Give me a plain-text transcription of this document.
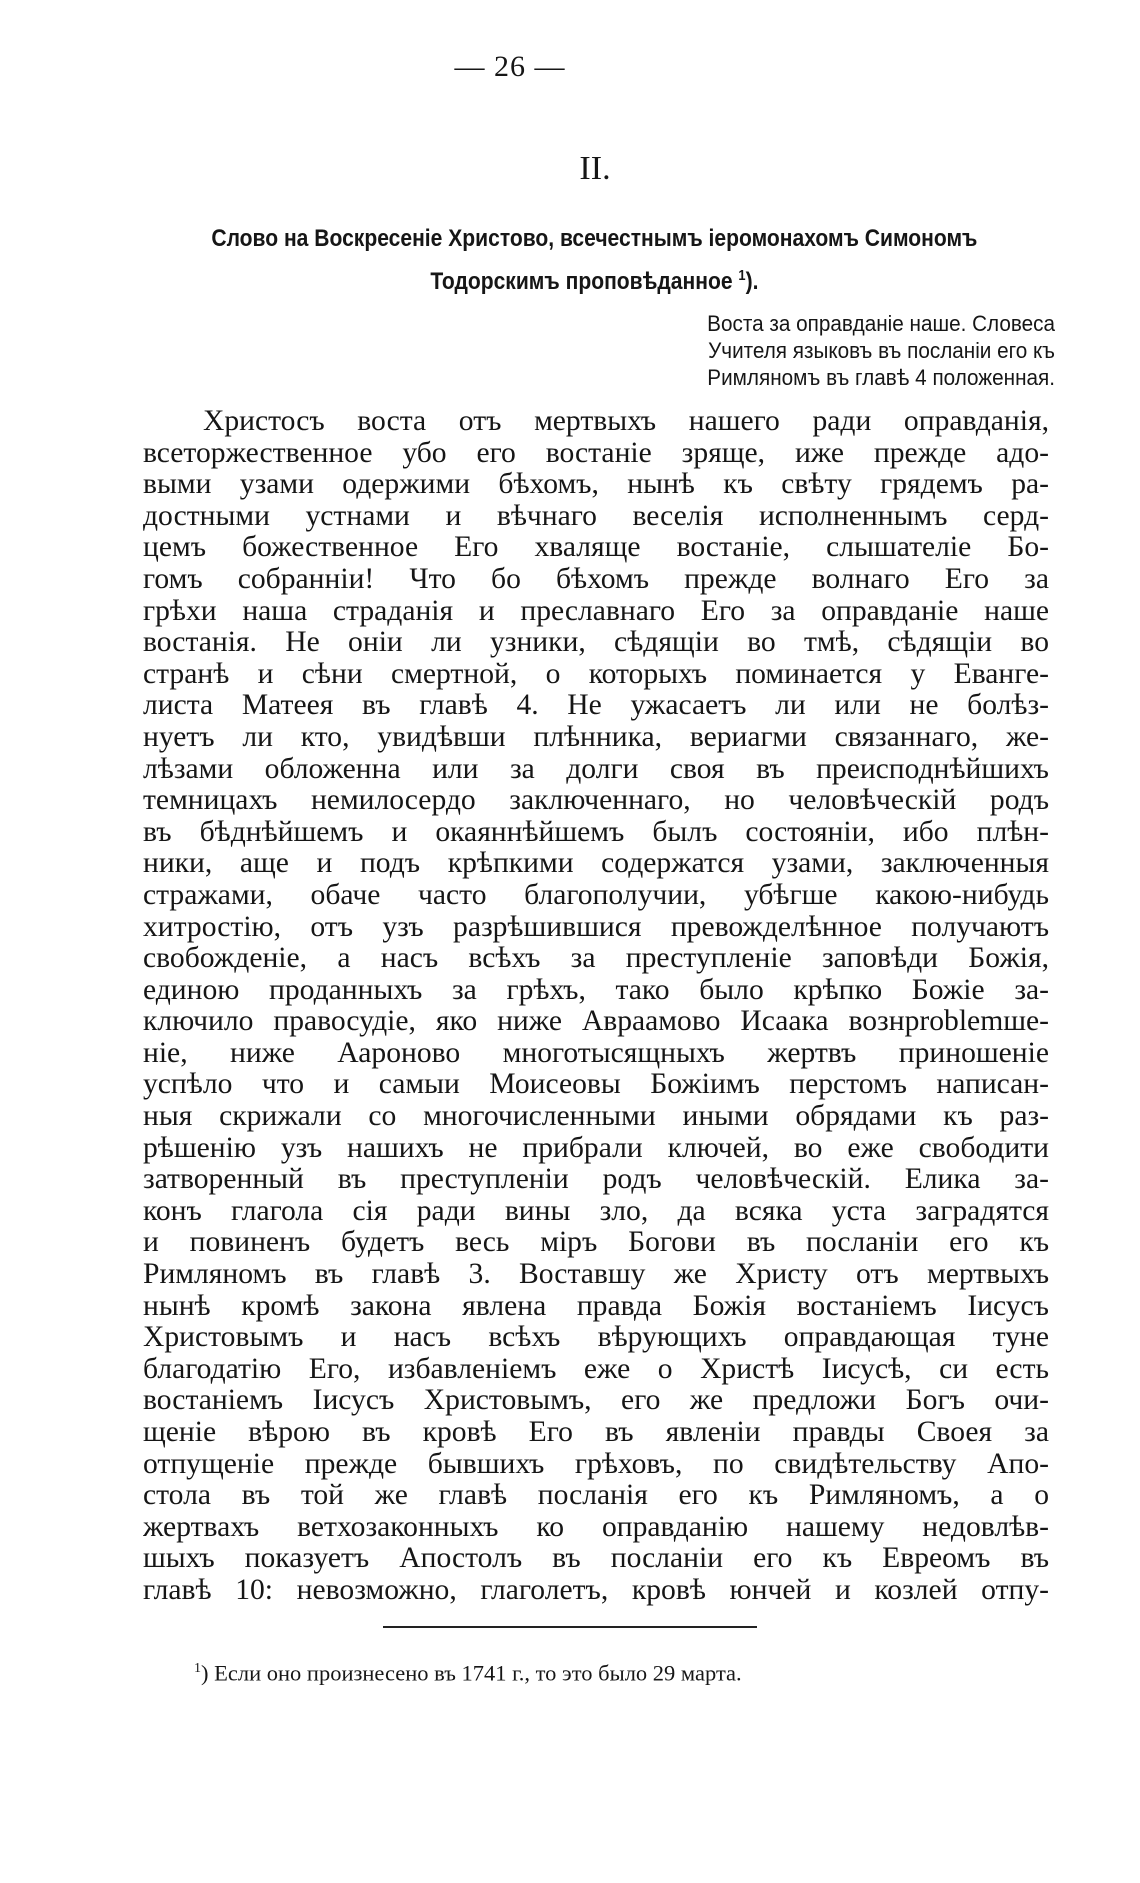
— 26 —
II.
Слово на Воскресеніе Христово, всечестнымъ іеромонахомъ Симономъ
Тодорскимъ проповѣданное $^1$).
Воста за оправданіе наше. Словеса
Учителя языковъ въ посланіи его къ
Римляномъ въ главѣ 4 положенная.
Христосъ воста отъ мертвыхъ нашего ради оправданія,
всеторжественное убо его востаніе зряще, иже прежде адо-
выми узами одержими бѣхомъ, нынѣ къ свѣту грядемъ ра-
достными устнами и вѣчнаго веселія исполненнымъ серд-
цемъ божественное Его хваляще востаніе, слышателіе Бо-
гомъ собранніи! Что бо бѣхомъ прежде волнаго Его за
грѣхи наша страданія и преславнаго Его за оправданіе наше
востанія. Не оніи ли узники, сѣдящіи во тмѣ, сѣдящіи во
странѣ и сѣни смертной, о которыхъ поминается у Еванге-
листа Матеея въ главѣ 4. Не ужасаетъ ли или не болѣз-
нуетъ ли кто, увидѣвши плѣнника, вериагми связаннаго, же-
лѣзами обложенна или за долги своя въ преисподнѣйшихъ
темницахъ немилосердо заключеннаго, но человѣческій родъ
въ бѣднѣйшемъ и окаяннѣйшемъ былъ состояніи, ибо плѣн-
ники, аще и подъ крѣпкими содержатся узами, заключенныя
стражами, обаче часто благополучии, убѣгше какою-нибудь
хитростію, отъ узъ разрѣшившися превожделѣнное получаютъ
свобожденіе, а насъ всѣхъ за преступленіе заповѣди Божія,
единою проданныхъ за грѣхъ, тако было крѣпко Божіе за-
ключило правосудіе, яко ниже Авраамово Исаака вознproblemше-
ніе, ниже Аароново многотысящныхъ жертвъ приношеніе
успѣло что и самыи Моисеовы Божіимъ перстомъ написан-
ныя скрижали со многочисленными иными обрядами къ раз-
рѣшенію узъ нашихъ не прибрали ключей, во еже свободити
затворенный въ преступленіи родъ человѣческій. Елика за-
конъ глагола сія ради вины зло, да всяка уста заградятся
и повиненъ будетъ весь міръ Богови въ посланіи его къ
Римляномъ въ главѣ 3. Воставшу же Христу отъ мертвыхъ
нынѣ кромѣ закона явлена правда Божія востаніемъ Іисусъ
Христовымъ и насъ всѣхъ вѣрующихъ оправдающая туне
благодатію Его, избавленіемъ еже о Христѣ Іисусѣ, си есть
востаніемъ Іисусъ Христовымъ, его же предложи Богъ очи-
щеніе вѣрою въ кровѣ Его въ явленіи правды Своея за
отпущеніе прежде бывшихъ грѣховъ, по свидѣтельству Апо-
стола въ той же главѣ посланія его къ Римляномъ, а о
жертвахъ ветхозаконныхъ ко оправданію нашему недовлѣв-
шыхъ показуетъ Апостолъ въ посланіи его къ Евреомъ въ
главѣ 10: невозможно, глаголетъ, кровѣ юнчей и козлей отпу-
$^1$) Если оно произнесено въ 1741 г., то это было 29 марта.
